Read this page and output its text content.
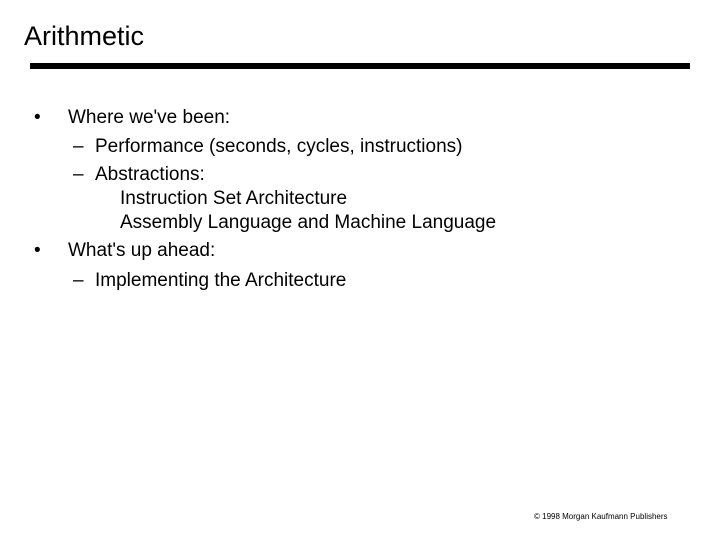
Arithmetic
• Where we've been:
– Performance (seconds, cycles, instructions)
– Abstractions:
Instruction Set Architecture
Assembly Language and Machine Language
• What's up ahead:
– Implementing the Architecture
© 1998 Morgan Kaufmann Publishers
